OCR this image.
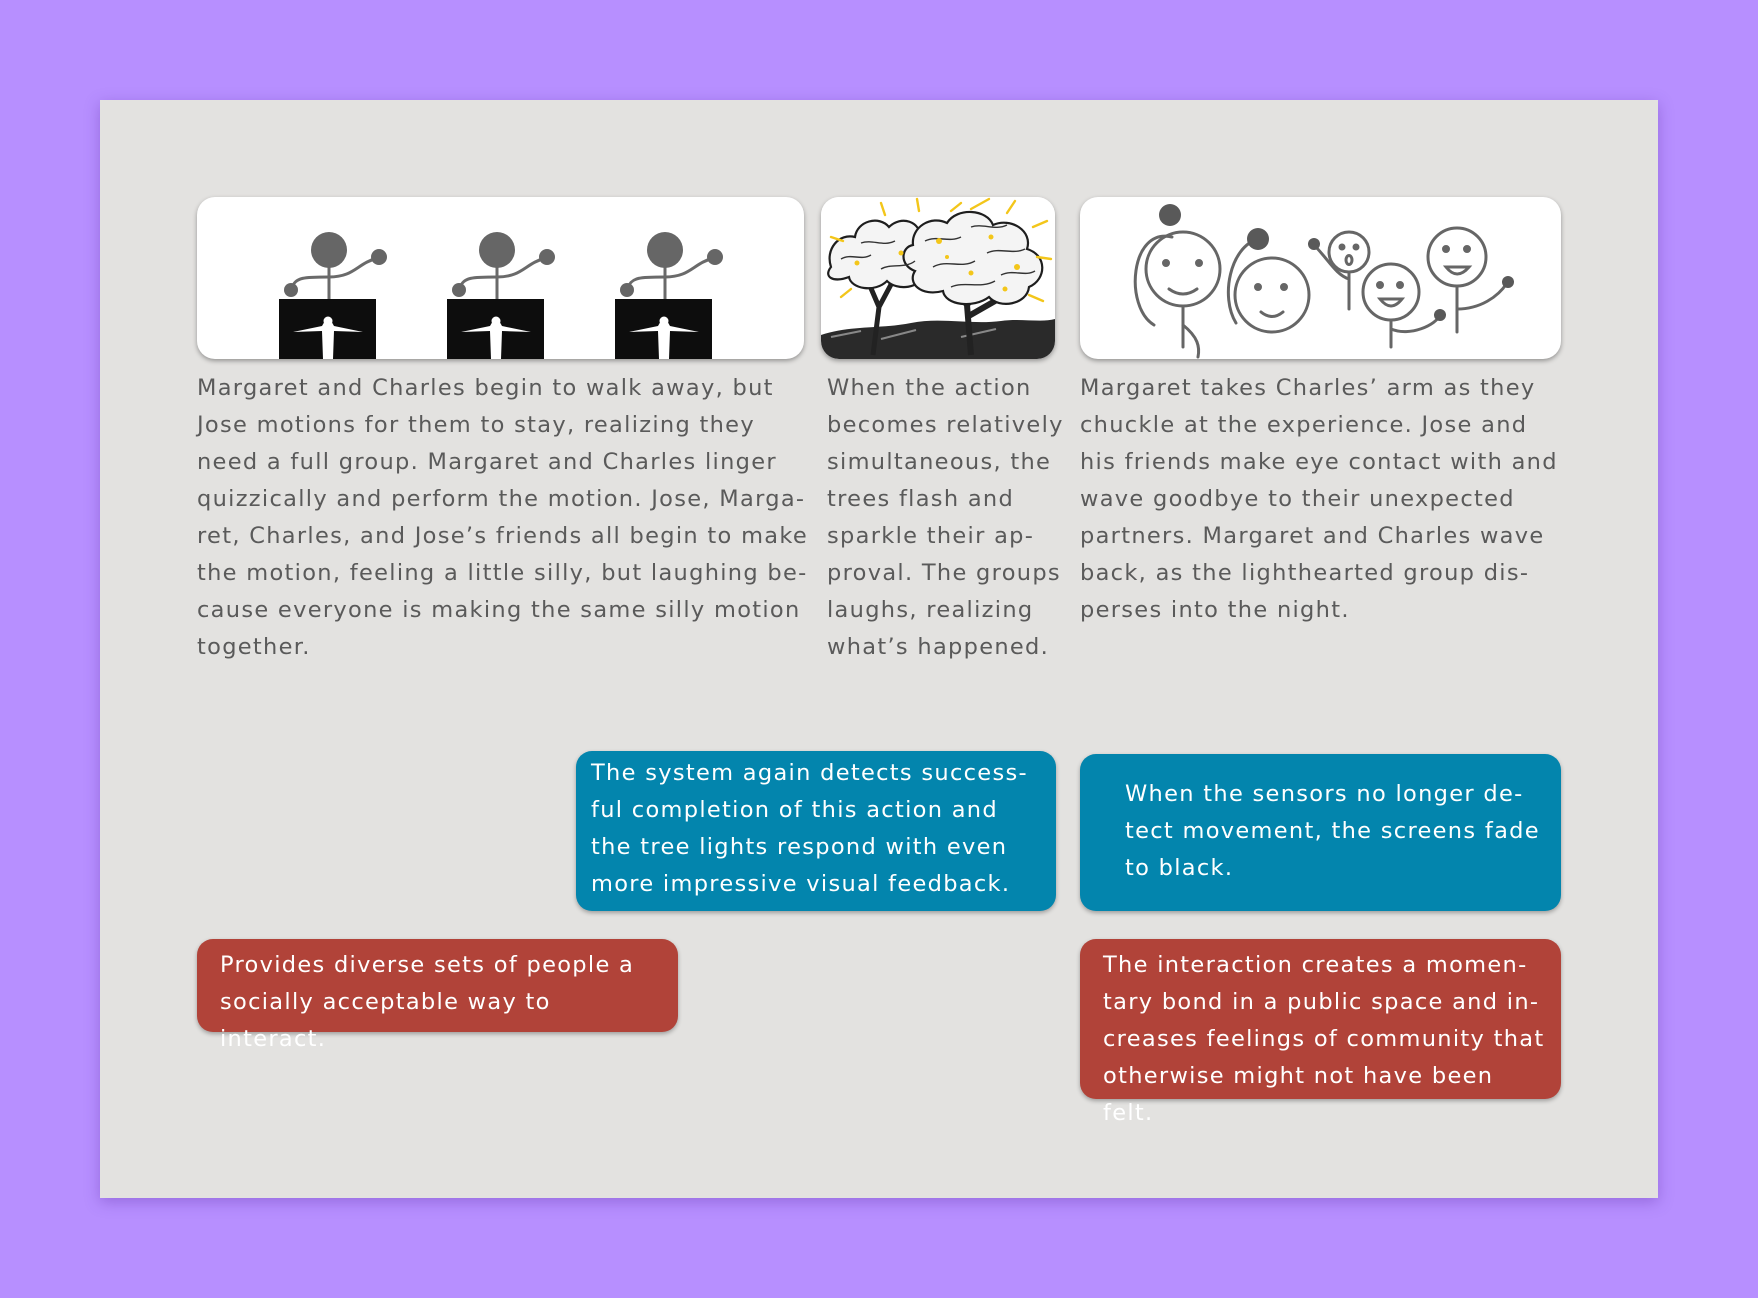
Margaret and Charles begin to walk away, but Jose motions for them to stay, realizing they need a full group. Margaret and Charles linger quizzically and perform the motion. Jose, Marga-ret, Charles, and Jose’s friends all begin to make the motion, feeling a little silly, but laughing be-cause everyone is making the same silly motion together.

When the action becomes relatively simultaneous, the trees flash and sparkle their ap-proval. The groups laughs, realizing what’s happened.

Margaret takes Charles’ arm as they chuckle at the experience. Jose and his friends make eye contact with and wave goodbye to their unexpected partners. Margaret and Charles wave back, as the lighthearted group dis-perses into the night.

The system again detects success-ful completion of this action and the tree lights respond with even more impressive visual feedback.
When the sensors no longer de-tect movement, the screens fade to black.
Provides diverse sets of people a socially acceptable way to interact.
The interaction creates a momen-tary bond in a public space and in-creases feelings of community that otherwise might not have been felt.
